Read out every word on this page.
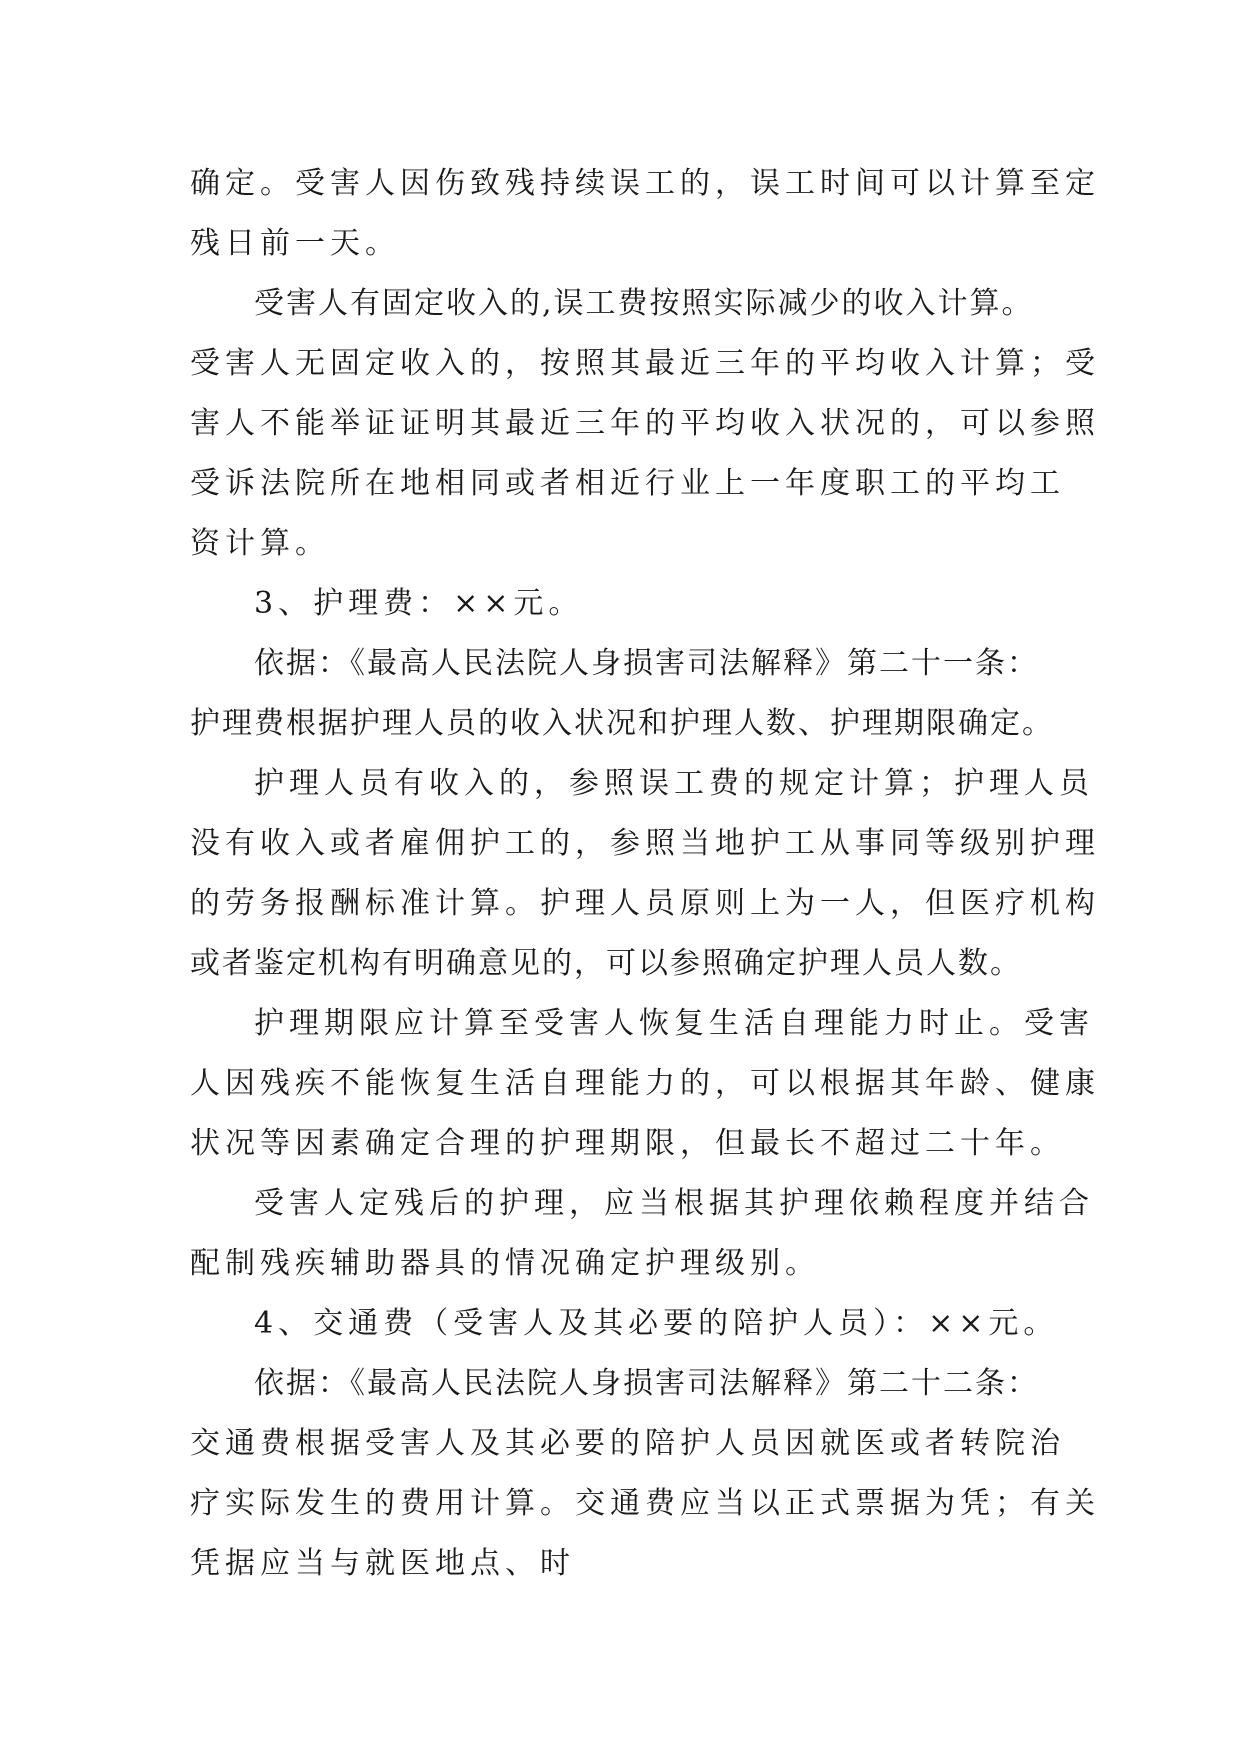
确定。受害人因伤致残持续误工的，误工时间可以计算至定
残日前一天。
受害人有固定收入的,误工费按照实际减少的收入计算。
受害人无固定收入的，按照其最近三年的平均收入计算；受
害人不能举证证明其最近三年的平均收入状况的，可以参照
受诉法院所在地相同或者相近行业上一年度职工的平均工
资计算。
3、护理费：××元。
依据：《最高人民法院人身损害司法解释》第二十一条：
护理费根据护理人员的收入状况和护理人数、护理期限确定。
护理人员有收入的，参照误工费的规定计算；护理人员
没有收入或者雇佣护工的，参照当地护工从事同等级别护理
的劳务报酬标准计算。护理人员原则上为一人，但医疗机构
或者鉴定机构有明确意见的，可以参照确定护理人员人数。
护理期限应计算至受害人恢复生活自理能力时止。受害
人因残疾不能恢复生活自理能力的，可以根据其年龄、健康
状况等因素确定合理的护理期限，但最长不超过二十年。
受害人定残后的护理，应当根据其护理依赖程度并结合
配制残疾辅助器具的情况确定护理级别。
4、交通费（受害人及其必要的陪护人员）：××元。
依据：《最高人民法院人身损害司法解释》第二十二条：
交通费根据受害人及其必要的陪护人员因就医或者转院治
疗实际发生的费用计算。交通费应当以正式票据为凭；有关
凭据应当与就医地点、时
